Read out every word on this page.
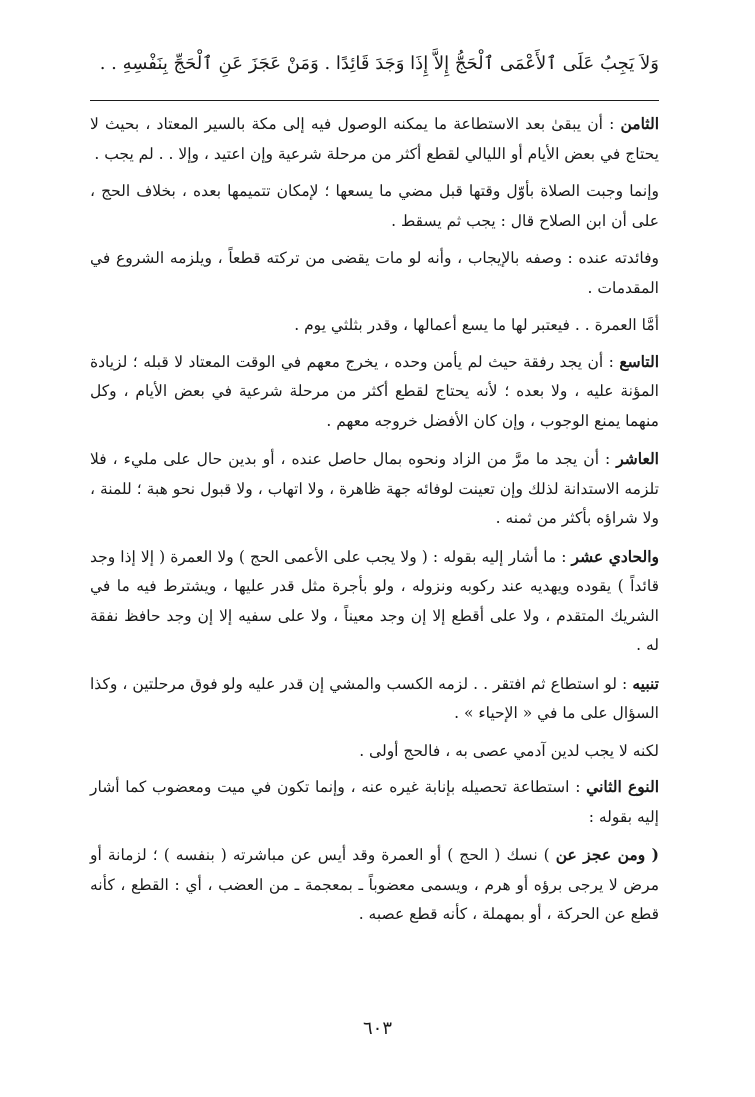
وَلاَ يَجِبُ عَلَى ٱلأَعْمَى ٱلْحَجُّ إِلاَّ إِذَا وَجَدَ قَائِدًا . وَمَنْ عَجَزَ عَنِ ٱلْحَجِّ بِنَفْسِهِ . .

الثامن : أن يبقىٰ بعد الاستطاعة ما يمكنه الوصول فيه إلى مكة بالسير المعتاد ، بحيث لا يحتاج في بعض الأيام أو الليالي لقطع أكثر من مرحلة شرعية وإن اعتيد ، وإلا . . لم يجب .

وإنما وجبت الصلاة بأوّل وقتها قبل مضي ما يسعها ؛ لإمكان تتميمها بعده ، بخلاف الحج ، على أن ابن الصلاح قال : يجب ثم يسقط .

وفائدته عنده : وصفه بالإيجاب ، وأنه لو مات يقضى من تركته قطعاً ، ويلزمه الشروع في المقدمات .

أمَّا العمرة . . فيعتبر لها ما يسع أعمالها ، وقدر بثلثي يوم .

التاسع : أن يجد رفقة حيث لم يأمن وحده ، يخرج معهم في الوقت المعتاد لا قبله ؛ لزيادة المؤنة عليه ، ولا بعده ؛ لأنه يحتاج لقطع أكثر من مرحلة شرعية في بعض الأيام ، وكل منهما يمنع الوجوب ، وإن كان الأفضل خروجه معهم .

العاشر : أن يجد ما مرَّ من الزاد ونحوه بمال حاصل عنده ، أو بدين حال على مليء ، فلا تلزمه الاستدانة لذلك وإن تعينت لوفائه جهة ظاهرة ، ولا اتهاب ، ولا قبول نحو هبة ؛ للمنة ، ولا شراؤه بأكثر من ثمنه .

والحادي عشر : ما أشار إليه بقوله : ( ولا يجب على الأعمى الحج ) ولا العمرة ( إلا إذا وجد قائداً ) يقوده ويهديه عند ركوبه ونزوله ، ولو بأجرة مثل قدر عليها ، ويشترط فيه ما في الشريك المتقدم ، ولا على أقطع إلا إن وجد معيناً ، ولا على سفيه إلا إن وجد حافظ نفقة له .

تنبيه : لو استطاع ثم افتقر . . لزمه الكسب والمشي إن قدر عليه ولو فوق مرحلتين ، وكذا السؤال على ما في « الإحياء » .

لكنه لا يجب لدين آدمي عصى به ، فالحج أولى .

النوع الثاني : استطاعة تحصيله بإنابة غيره عنه ، وإنما تكون في ميت ومعضوب كما أشار إليه بقوله :

( ومن عجز عن ) نسك ( الحج ) أو العمرة وقد أيس عن مباشرته ( بنفسه ) ؛ لزمانة أو مرض لا يرجى برؤه أو هرم ، ويسمى معضوباً ـ بمعجمة ـ من العضب ، أي : القطع ، كأنه قطع عن الحركة ، أو بمهملة ، كأنه قطع عصبه .

٦٠٣
